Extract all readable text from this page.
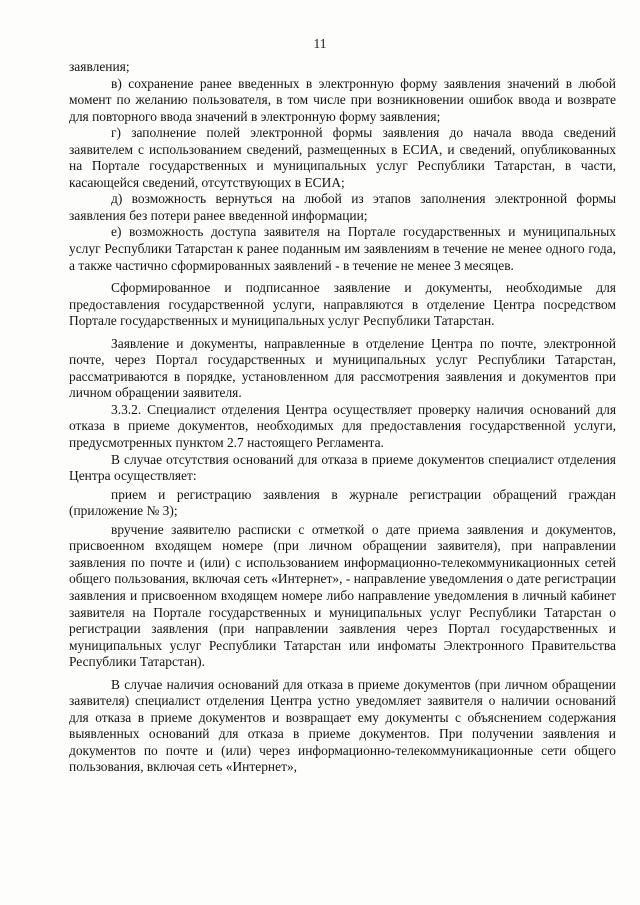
11

заявления;

в) сохранение ранее введенных в электронную форму заявления значений в любой момент по желанию пользователя, в том числе при возникновении ошибок ввода и возврате для повторного ввода значений в электронную форму заявления;

г) заполнение полей электронной формы заявления до начала ввода сведений заявителем с использованием сведений, размещенных в ЕСИА, и сведений, опубликованных на Портале государственных и муниципальных услуг Республики Татарстан, в части, касающейся сведений, отсутствующих в ЕСИА;

д) возможность вернуться на любой из этапов заполнения электронной формы заявления без потери ранее введенной информации;

е) возможность доступа заявителя на Портале государственных и муниципальных услуг Республики Татарстан к ранее поданным им заявлениям в течение не менее одного года, а также частично сформированных заявлений - в течение не менее 3 месяцев.

Сформированное и подписанное заявление и документы, необходимые для предоставления государственной услуги, направляются в отделение Центра посредством Портале государственных и муниципальных услуг Республики Татарстан.

Заявление и документы, направленные в отделение Центра по почте, электронной почте, через Портал государственных и муниципальных услуг Республики Татарстан, рассматриваются в порядке, установленном для рассмотрения заявления и документов при личном обращении заявителя.

3.3.2. Специалист отделения Центра осуществляет проверку наличия оснований для отказа в приеме документов, необходимых для предоставления государственной услуги, предусмотренных пунктом 2.7 настоящего Регламента.

В случае отсутствия оснований для отказа в приеме документов специалист отделения Центра осуществляет:

прием и регистрацию заявления в журнале регистрации обращений граждан (приложение № 3);

вручение заявителю расписки с отметкой о дате приема заявления и документов, присвоенном входящем номере (при личном обращении заявителя), при направлении заявления по почте и (или) с использованием информационно-телекоммуникационных сетей общего пользования, включая сеть «Интернет», - направление уведомления о дате регистрации заявления и присвоенном входящем номере либо направление уведомления в личный кабинет заявителя на Портале государственных и муниципальных услуг Республики Татарстан о регистрации заявления (при направлении заявления через Портал государственных и муниципальных услуг Республики Татарстан или инфоматы Электронного Правительства Республики Татарстан).

В случае наличия оснований для отказа в приеме документов (при личном обращении заявителя) специалист отделения Центра устно уведомляет заявителя о наличии оснований для отказа в приеме документов и возвращает ему документы с объяснением содержания выявленных оснований для отказа в приеме документов. При получении заявления и документов по почте и (или) через информационно-телекоммуникационные сети общего пользования, включая сеть «Интернет»,
